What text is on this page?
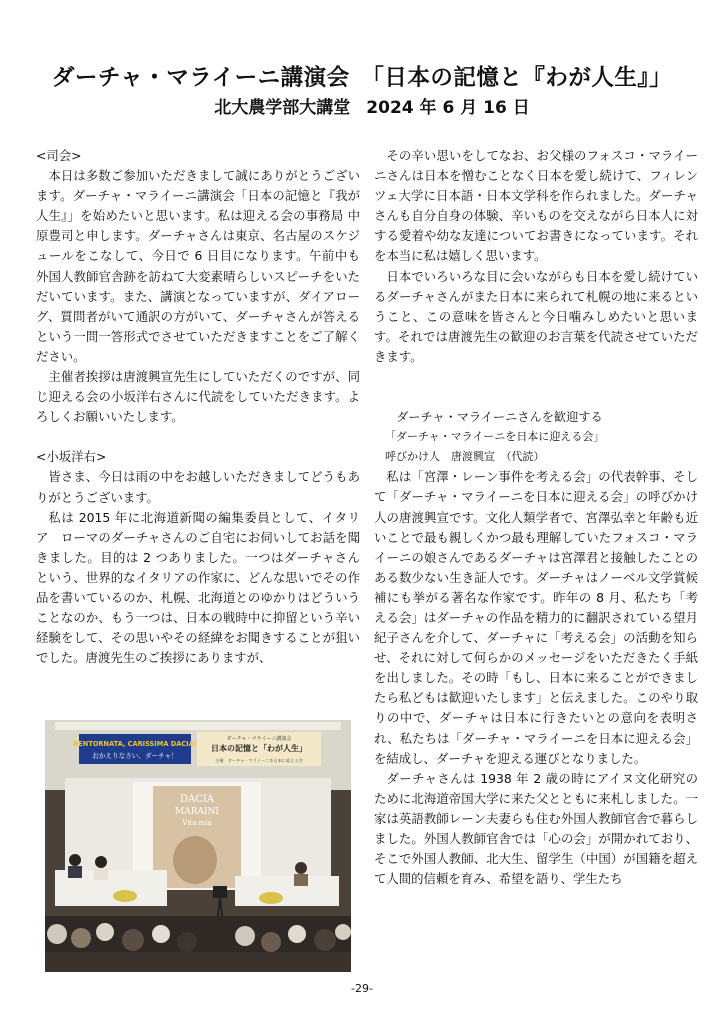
ダーチャ・マライーニ講演会　「日本の記憶と『わが人生』」
北大農学部大講堂 2024 年 6 月 16 日

<司会>

本日は多数ご参加いただきまして誠にありがとうございます。ダーチャ・マライーニ講演会「日本の記憶と『我が人生』」を始めたいと思います。私は迎える会の事務局 中原豊司と申します。ダーチャさんは東京、名古屋のスケジュールをこなして、今日で 6 日目になります。午前中も外国人教師官舎跡を訪ねて大変素晴らしいスピーチをいただいています。また、講演となっていますが、ダイアローグ、質問者がいて通訳の方がいて、ダーチャさんが答えるという一問一答形式でさせていただきますことをご了解ください。

主催者挨拶は唐渡興宣先生にしていただくのですが、同じ迎える会の小坂洋右さんに代読をしていただきます。よろしくお願いいたします。

<小坂洋右>

皆さま、今日は雨の中をお越しいただきましてどうもありがとうございます。

私は 2015 年に北海道新聞の編集委員として、イタリア　ローマのダーチャさんのご自宅にお伺いしてお話を聞きました。目的は 2 つありました。一つはダーチャさんという、世界的なイタリアの作家に、どんな思いでその作品を書いているのか、札幌、北海道とのゆかりはどういうことなのか、もう一つは、日本の戦時中に抑留という辛い経験をして、その思いやその経緯をお聞きすることが狙いでした。唐渡先生のご挨拶にありますが、

BENTORNATA, CARISSIMA DACIA!
おかえりなさい、ダーチャ！
ダーチャ・マライーニ講演会
日本の記憶と「わが人生」
主催　ダーチャ・マライーニを日本に迎える会
DACIA
MARAINI
Vita mia

その辛い思いをしてなお、お父様のフォスコ・マライーニさんは日本を憎むことなく日本を愛し続けて、フィレンツェ大学に日本語・日本文学科を作られました。ダーチャさんも自分自身の体験、辛いものを交えながら日本人に対する愛着や幼な友達についてお書きになっています。それを本当に私は嬉しく思います。

日本でいろいろな目に会いながらも日本を愛し続けているダーチャさんがまた日本に来られて札幌の地に来るということ、この意味を皆さんと今日噛みしめたいと思います。それでは唐渡先生の歓迎のお言葉を代読させていただきます。

ダーチャ・マライーニさんを歓迎する

「ダーチャ・マライーニを日本に迎える会」

呼びかけ人　唐渡興宣　（代読）

私は「宮澤・レーン事件を考える会」の代表幹事、そして「ダーチャ・マライーニを日本に迎える会」の呼びかけ人の唐渡興宣です。文化人類学者で、宮澤弘幸と年齢も近いことで最も親しくかつ最も理解していたフォスコ・マライーニの娘さんであるダーチャは宮澤君と接触したことのある数少ない生き証人です。ダーチャはノーベル文学賞候補にも挙がる著名な作家です。昨年の 8 月、私たち「考える会」はダーチャの作品を精力的に翻訳されている望月紀子さんを介して、ダーチャに「考える会」の活動を知らせ、それに対して何らかのメッセージをいただきたく手紙を出しました。その時「もし、日本に来ることができましたら私どもは歓迎いたします」と伝えました。このやり取りの中で、ダーチャは日本に行きたいとの意向を表明され、私たちは「ダーチャ・マライーニを日本に迎える会」を結成し、ダーチャを迎える運びとなりました。

ダーチャさんは 1938 年 2 歳の時にアイヌ文化研究のために北海道帝国大学に来た父とともに来札しました。一家は英語教師レーン夫妻らも住む外国人教師官舎で暮らしました。外国人教師官舎では「心の会」が開かれており、そこで外国人教師、北大生、留学生（中国）が国籍を超えて人間的信頼を育み、希望を語り、学生たち

-29-
